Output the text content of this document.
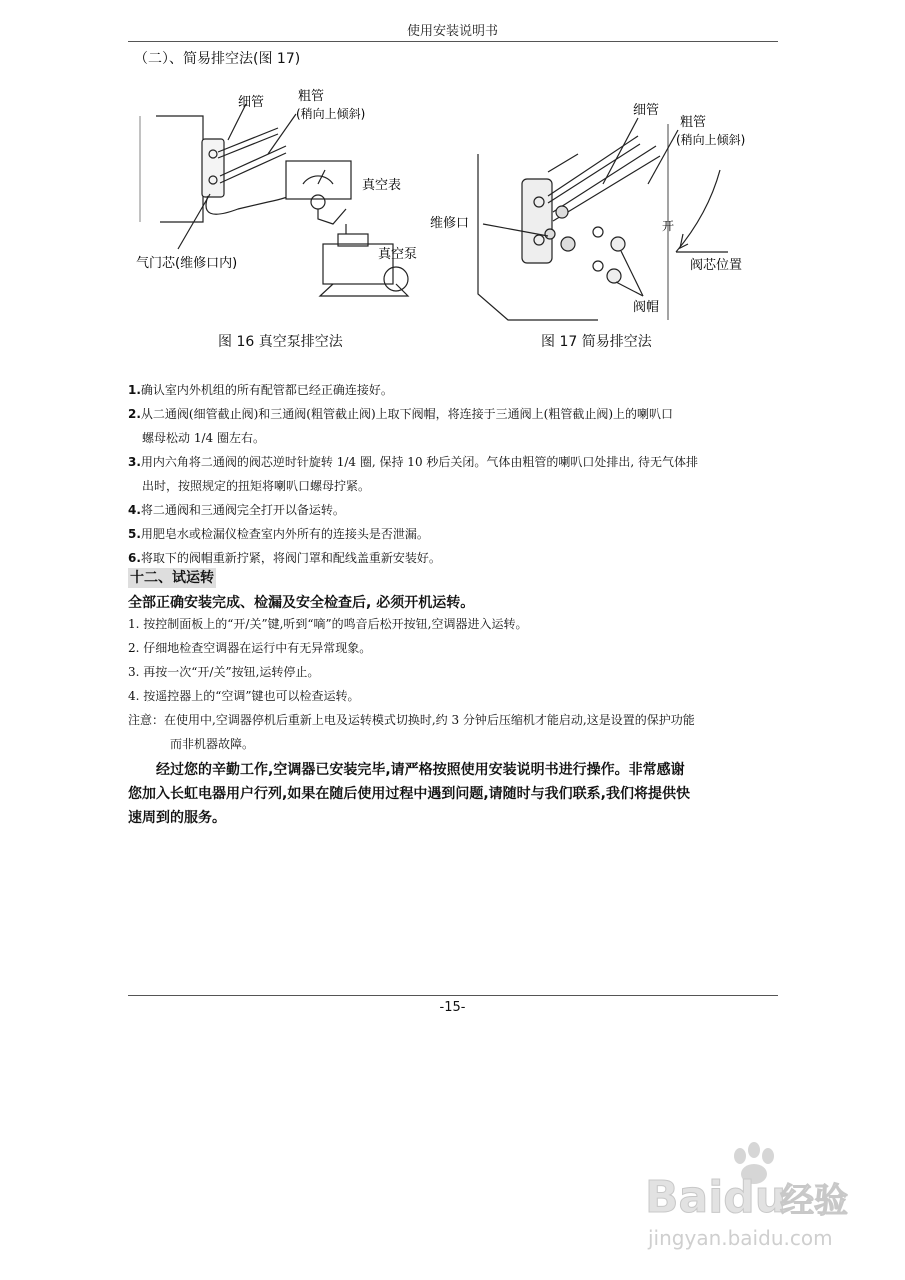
使用安装说明书
（二）、简易排空法(图 17)
细管	粗管
(稍向上倾斜)
真空表
真空泵
气门芯(维修口内)
细管
粗管
(稍向上倾斜)
维修口	开
阀芯位置
阀帽
图 16 真空泵排空法	图 17 简易排空法
1.确认室内外机组的所有配管都已经正确连接好。
2.从二通阀(细管截止阀)和三通阀(粗管截止阀)上取下阀帽，将连接于三通阀上(粗管截止阀)上的喇叭口
螺母松动 1/4 圈左右。
3.用内六角将二通阀的阀芯逆时针旋转 1/4 圈, 保持 10 秒后关闭。气体由粗管的喇叭口处排出, 待无气体排
出时，按照规定的扭矩将喇叭口螺母拧紧。
4.将二通阀和三通阀完全打开以备运转。
5.用肥皂水或检漏仪检查室内外所有的连接头是否泄漏。
6.将取下的阀帽重新拧紧，将阀门罩和配线盖重新安装好。
十二、试运转
全部正确安装完成、检漏及安全检查后, 必须开机运转。
1. 按控制面板上的“开/关”键,听到“嘀”的鸣音后松开按钮,空调器进入运转。
2. 仔细地检查空调器在运行中有无异常现象。
3. 再按一次“开/关”按钮,运转停止。
4. 按遥控器上的“空调”键也可以检查运转。
注意：在使用中,空调器停机后重新上电及运转模式切换时,约 3 分钟后压缩机才能启动,这是设置的保护功能
而非机器故障。
经过您的辛勤工作,空调器已安装完毕,请严格按照使用安装说明书进行操作。非常感谢
您加入长虹电器用户行列,如果在随后使用过程中遇到问题,请随时与我们联系,我们将提供快
速周到的服务。
-15-
Baidu
经验
jingyan.baidu.com
